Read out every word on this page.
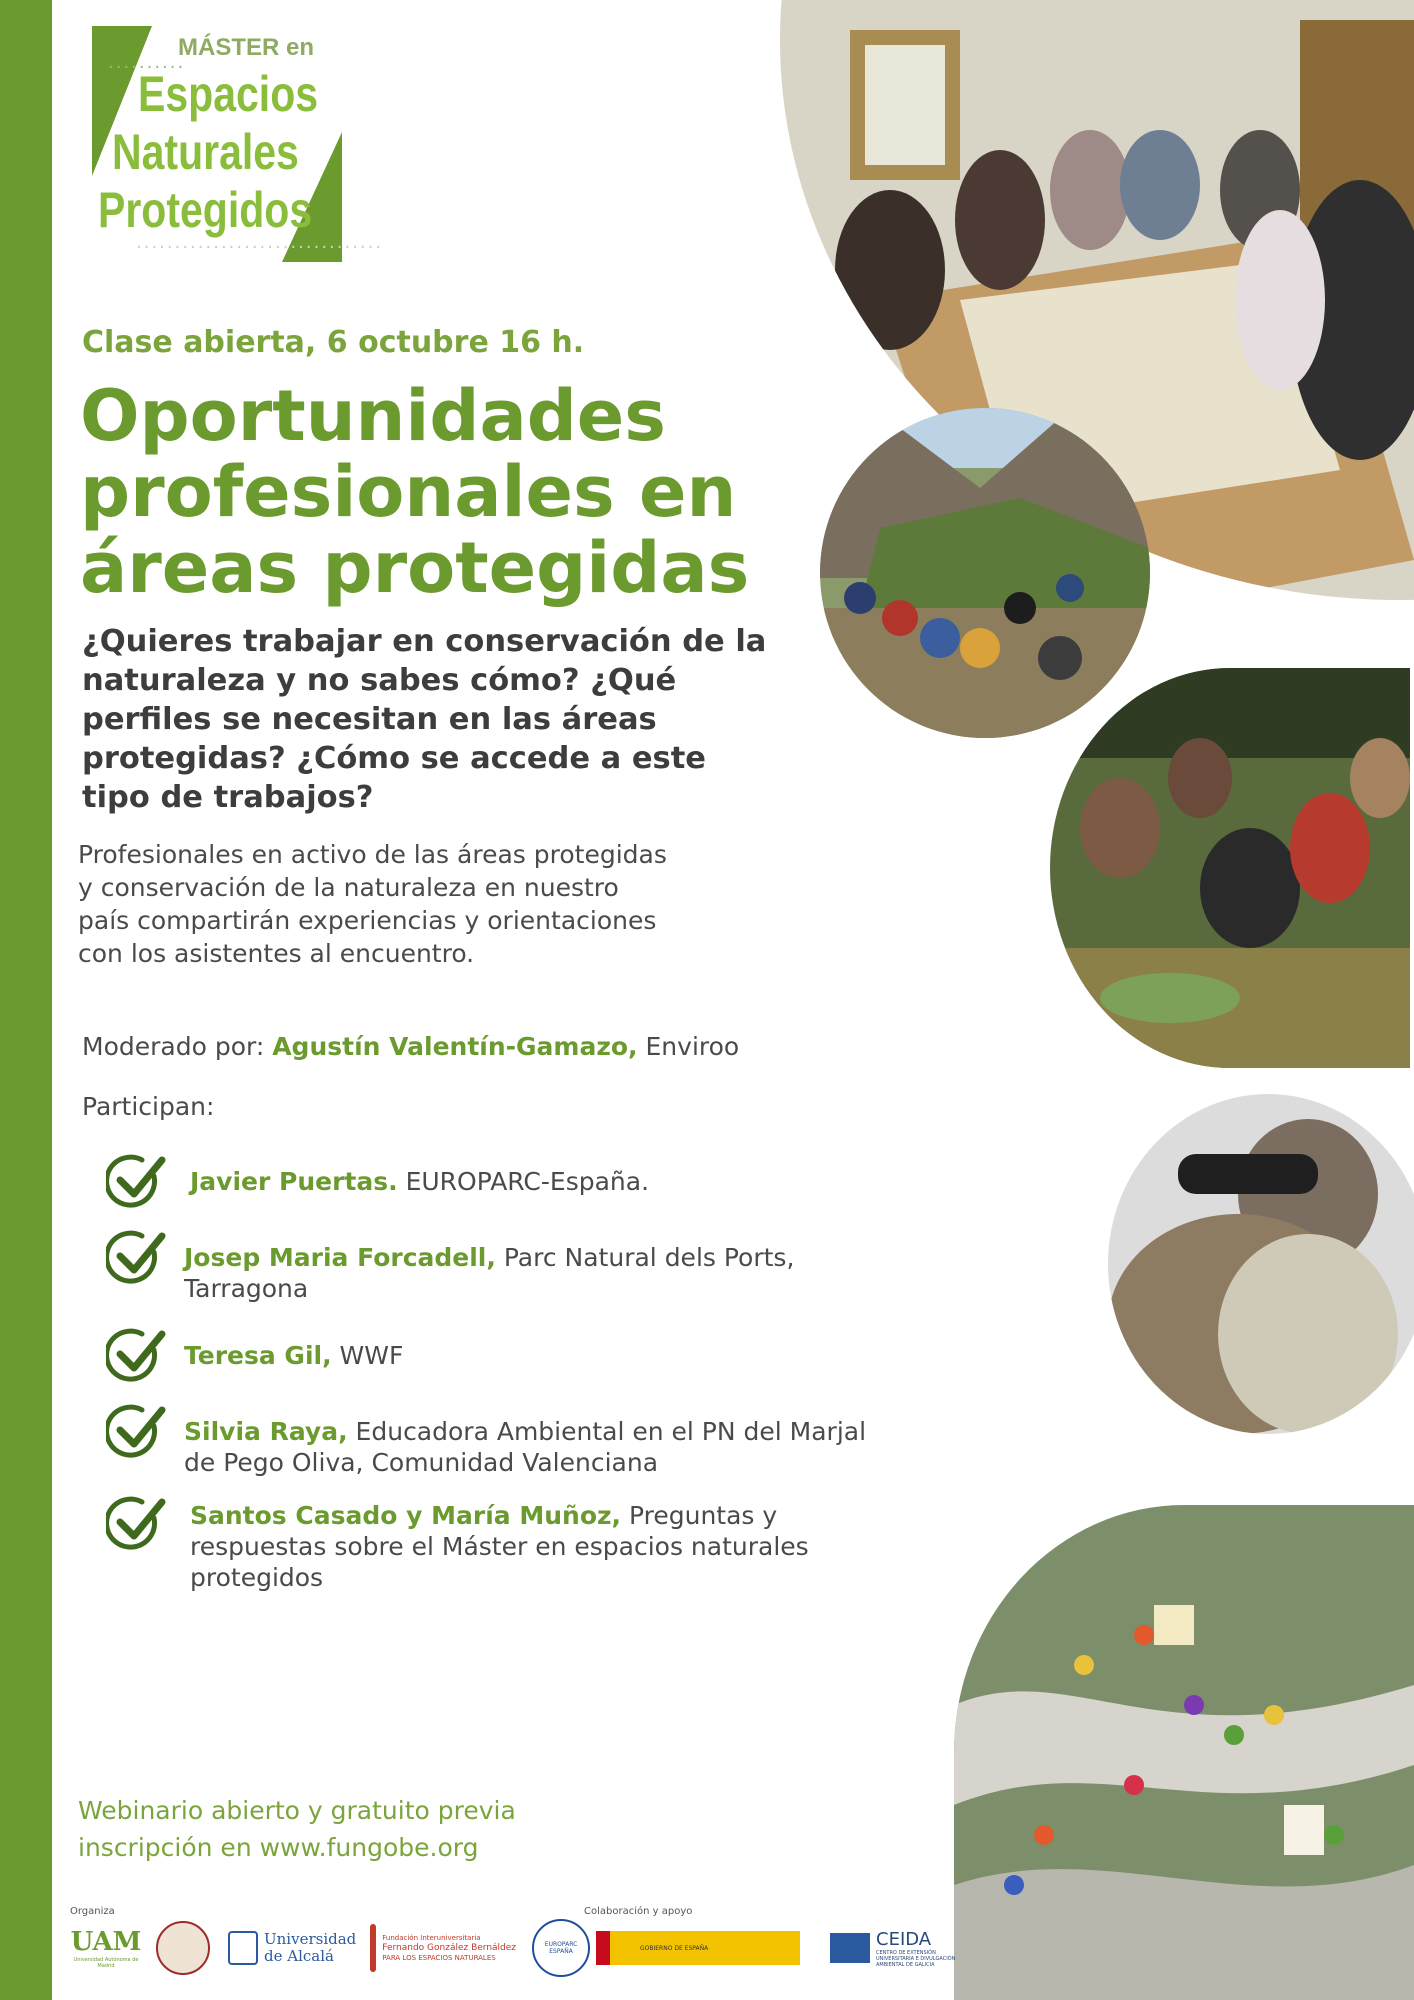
..........
MÁSTER en
Espacios
Naturales
Protegidos
................................
Clase abierta, 6 octubre 16 h.
Oportunidades
profesionales en
áreas protegidas
¿Quieres trabajar en conservación de la
naturaleza y no sabes cómo? ¿Qué
perfiles se necesitan en las áreas
protegidas? ¿Cómo se accede a este
tipo de trabajos?
Profesionales en activo de las áreas protegidas
y conservación de la naturaleza en nuestro
país compartirán experiencias y orientaciones
con los asistentes al encuentro.
Moderado por: Agustín Valentín-Gamazo, Enviroo
Participan:
Javier Puertas. EUROPARC-España.
Josep Maria Forcadell, Parc Natural dels Ports,
Tarragona
Teresa Gil, WWF
Silvia Raya, Educadora Ambiental en el PN del Marjal
de Pego Oliva, Comunidad Valenciana
Santos Casado y María Muñoz, Preguntas y
respuestas sobre el Máster en espacios naturales
protegidos
Webinario abierto y gratuito previa
inscripción en www.fungobe.org
Organiza	Colaboración y apoyo
UAM
Universidad Autónoma de Madrid
Universidad
de Alcalá
Fundación Interuniversitaria
Fernando González Bernáldez
PARA LOS ESPACIOS NATURALES
EUROPARC ESPAÑA	GOBIERNO DE ESPAÑA	CEIDA
CENTRO DE EXTENSIÓN UNIVERSITARIA E DIVULGACIÓN AMBIENTAL DE GALICIA
